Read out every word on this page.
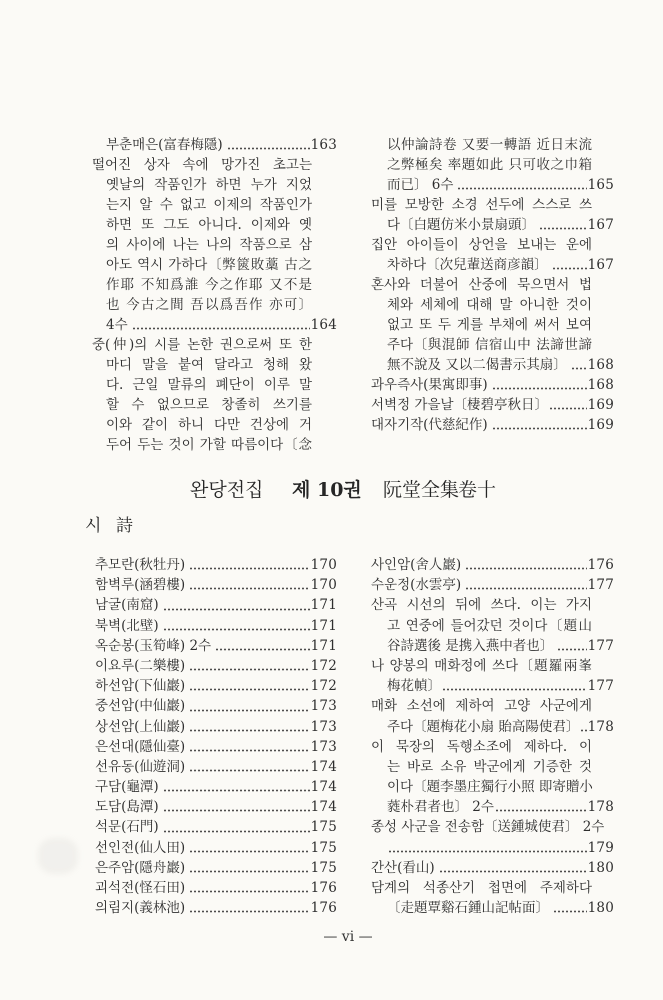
부춘매은(富春梅隱)	163
떨어진 상자 속에 망가진 초고는
옛날의 작품인가 하면 누가 지었
는지 알 수 없고 이제의 작품인가
하면 또 그도 아니다. 이제와 옛
의 사이에 나는 나의 작품으로 삼
아도 역시 가하다〔弊篋敗藁 古之
作耶 不知爲誰 今之作耶 又不是
也 今古之間 吾以爲吾作 亦可〕
4수	164
중(仲)의 시를 논한 권으로써 또 한
마디 말을 붙여 달라고 청해 왔
다. 근일 말류의 폐단이 이루 말
할 수 없으므로 창졸히 쓰기를
이와 같이 하니 다만 건상에 거
두어 두는 것이 가할 따름이다〔念
以仲論詩卷 又要一轉語 近日末流
之弊極矣 率題如此 只可收之巾箱
而已〕 6수	165
미를 모방한 소경 선두에 스스로 쓰
다〔白題仿米小景扇頭〕	167
집안 아이들이 상언을 보내는 운에
차하다〔次兒輩送商彦韻〕	167
혼사와 더불어 산중에 묵으면서 법
체와 세체에 대해 말 아니한 것이
없고 또 두 게를 부채에 써서 보여
주다〔與混師 信宿山中 法諦世諦
無不說及 又以二偈書示其扇〕 168
과우즉사(果寓即事)	168
서벽정 가을날〔棲碧亭秋日〕	169
대자기작(代慈紀作)	169
완당전집 제 10권 阮堂全集
卷十
시 詩
추모란(秋牡丹)	170
함벽루(涵碧樓)	170
남굴(南窟)	171
북벽(北壁)	171
옥순봉(玉筍峰) 2수	171
이요루(二樂樓)	172
하선암(下仙巖)	172
중선암(中仙巖)	173
상선암(上仙巖)	173
은선대(隱仙臺)	173
선유동(仙遊洞)	174
구담(龜潭)	174
도담(島潭)	174
석문(石門)	175
선인전(仙人田)	175
은주암(隱舟巖)	175
괴석전(怪石田)	176
의림지(義林池)	176
사인암(舍人巖)	176
수운정(水雲亭)	177
산곡 시선의 뒤에 쓰다. 이는 가지
고 연중에 들어갔던 것이다〔題山
谷詩選後 是携入燕中者也〕	177
나 양봉의 매화정에 쓰다〔題羅兩峯
梅花幀〕	177
매화 소선에 제하여 고양 사군에게
주다〔題梅花小扇 貽高陽使君〕 178
이 묵장의 독행소조에 제하다. 이
는 바로 소유 박군에게 기증한 것
이다〔題李墨庄獨行小照 即寄贈小
蕤朴君者也〕 2수	178
종성 사군을 전송함〔送鍾城使君〕 2수
179
간산(看山)	180
담계의 석종산기 첩면에 주제하다
〔走題覃谿石鍾山記帖面〕	180
— vi —
